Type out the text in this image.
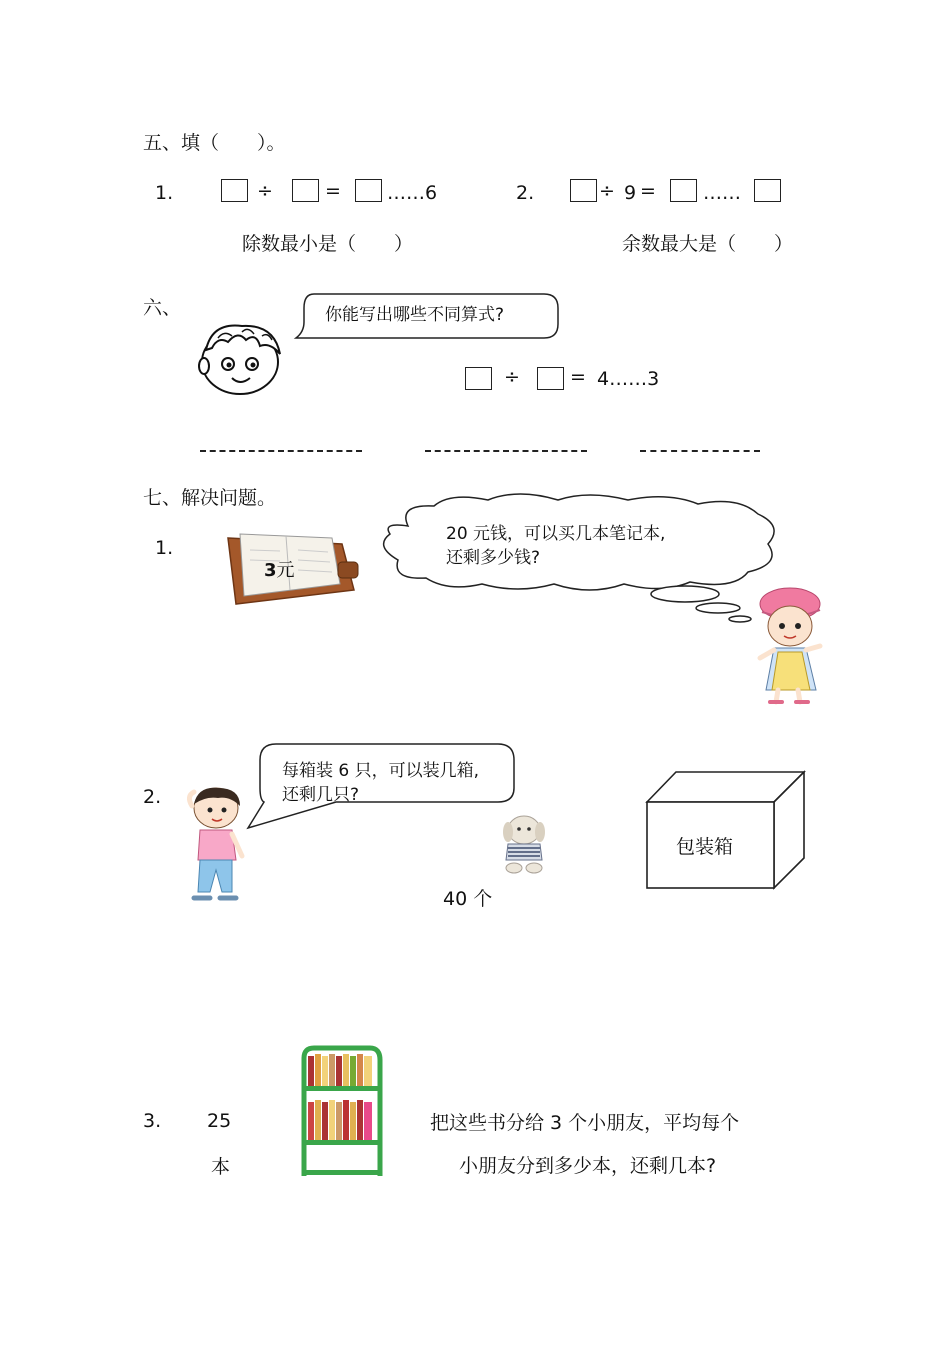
五、填（　　）。
1.	÷	= ……6
除数最小是（　　）
2.	÷ 9 = ……
余数最大是（　　）
六、	你能写出哪些不同算式?
÷	= 4……3
七、解决问题。
1.
3元
20 元钱，可以买几本笔记本,
还剩多少钱?
2.
每箱装 6 只，可以装几箱,
还剩几只?
40 个
包装箱
3. 25
本
把这些书分给 3 个小朋友，平均每个
小朋友分到多少本，还剩几本?
